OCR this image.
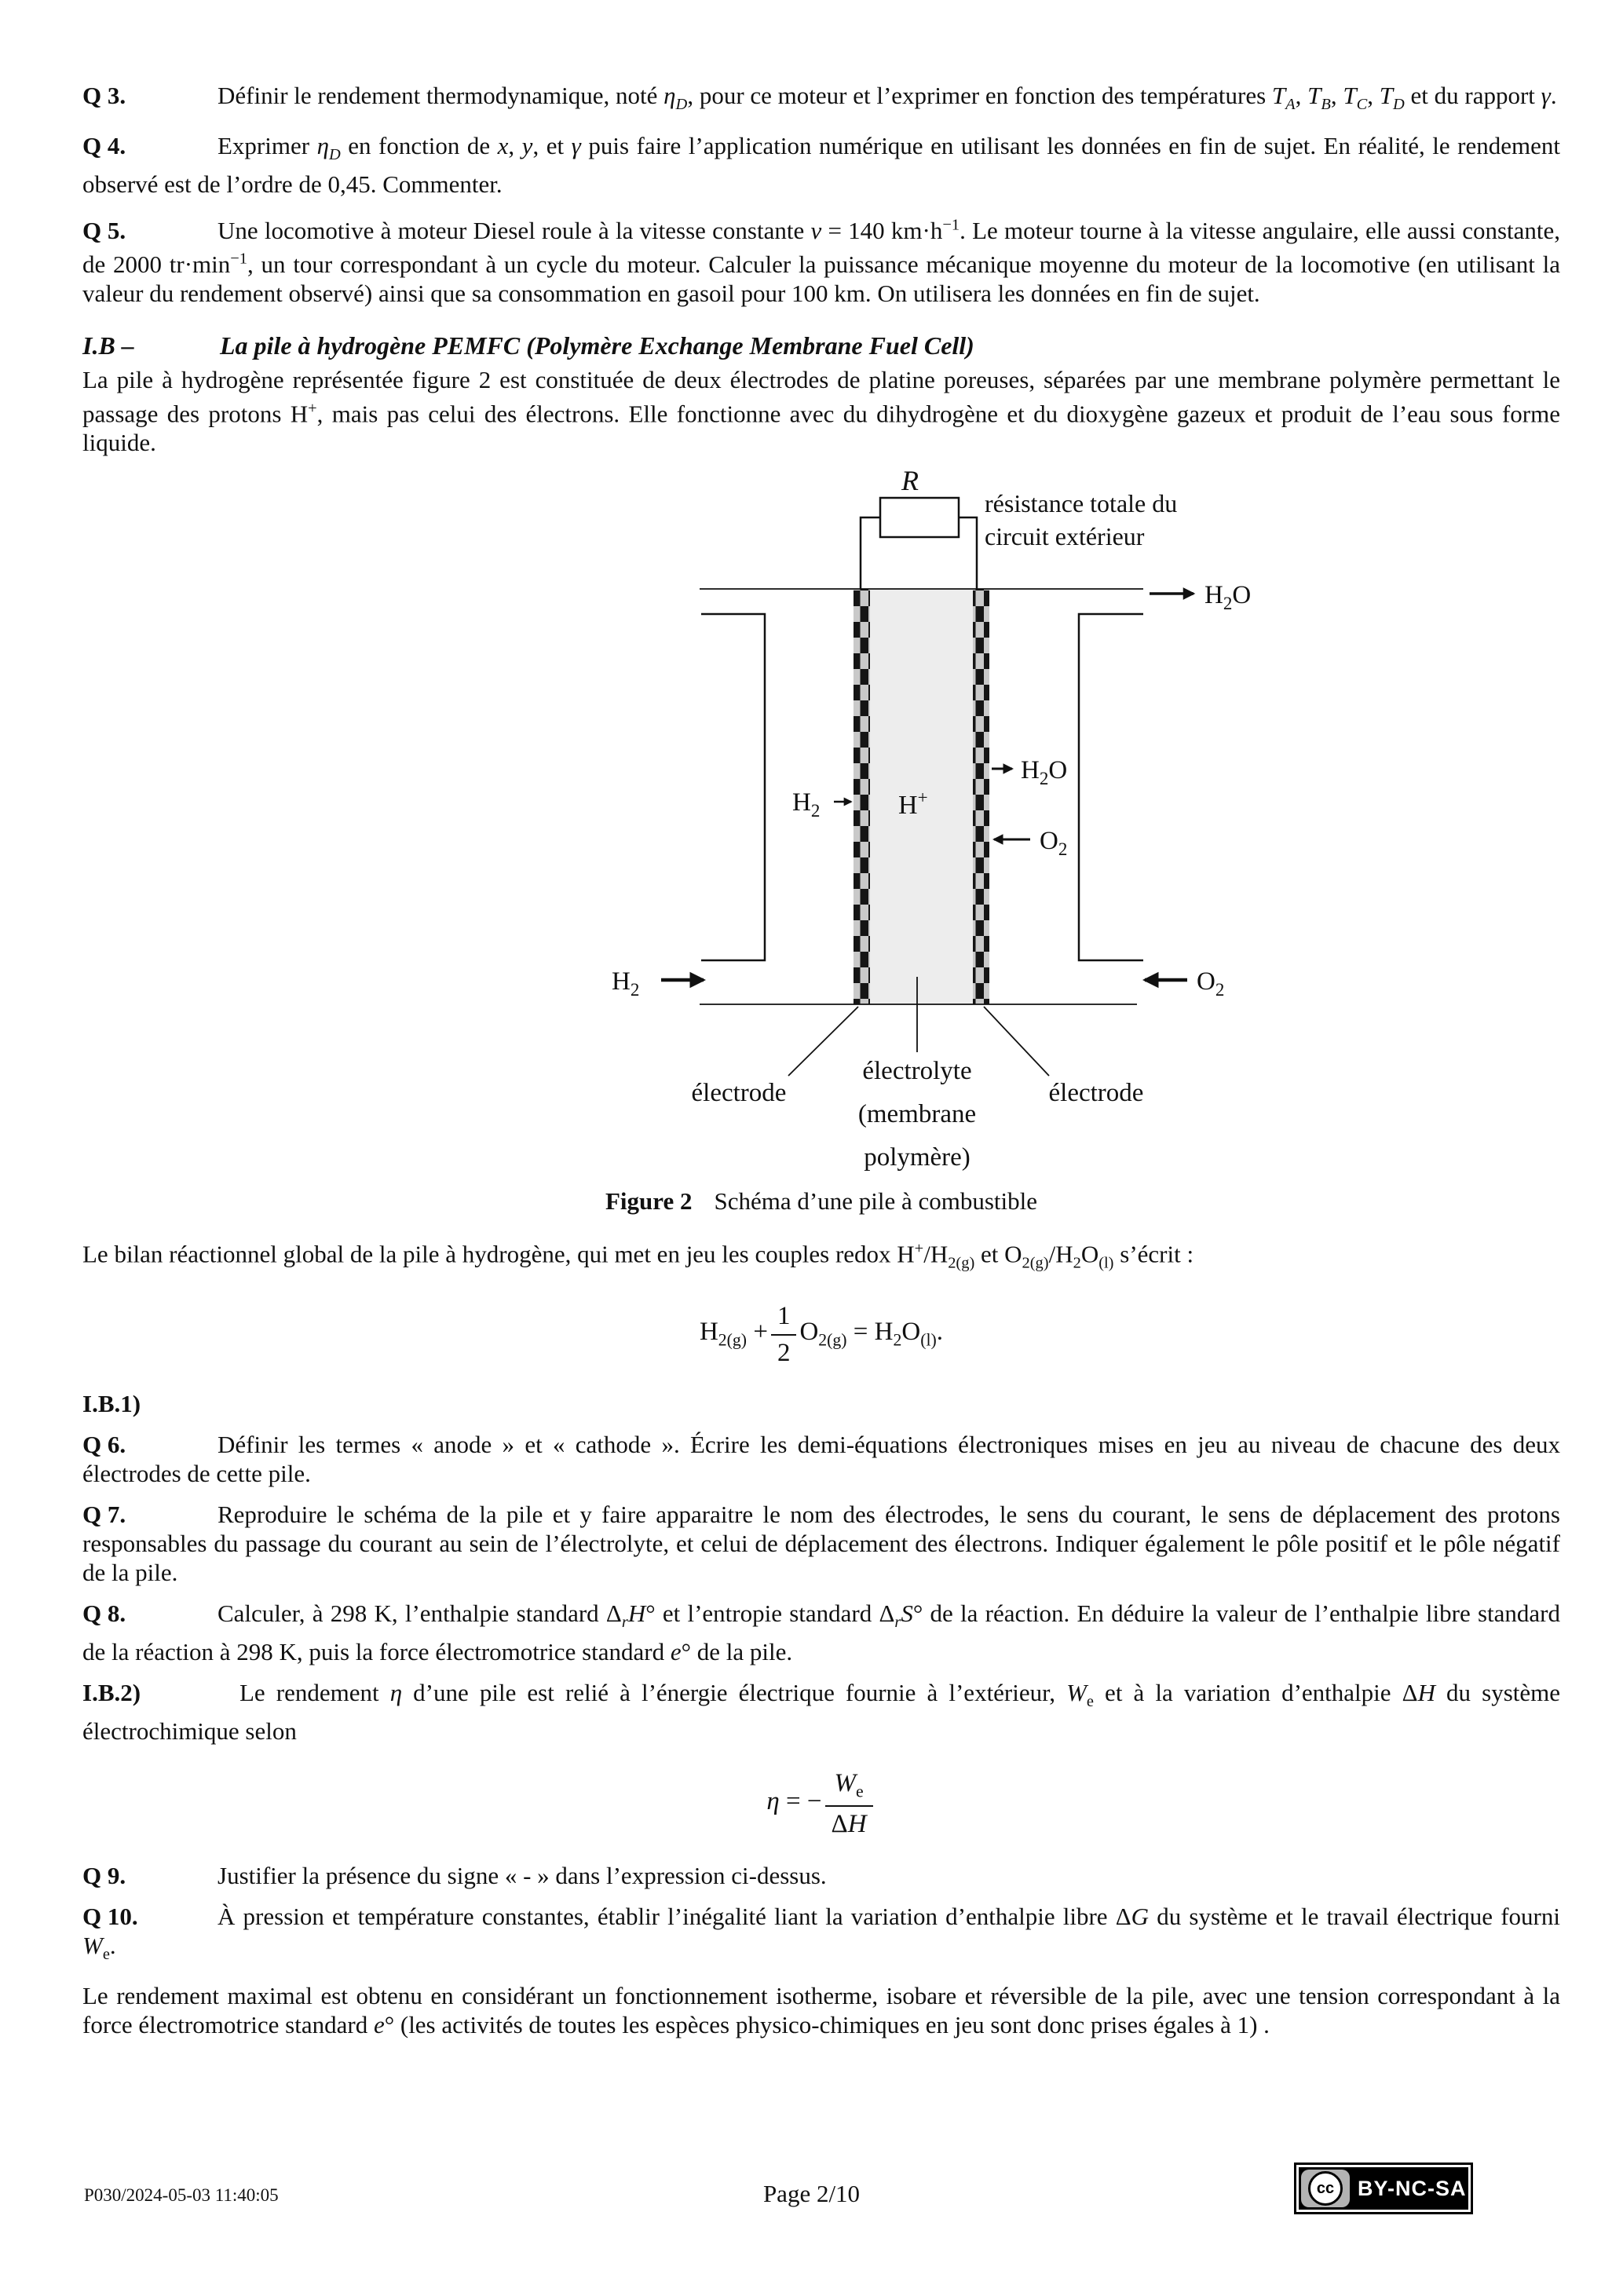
Q 3.	Définir le rendement thermodynamique, noté $\eta_D$, pour ce moteur et l’exprimer en fonction des températures $T_A$, $T_B$, $T_C$, $T_D$ et du rapport γ.

Q 4.	Exprimer $\eta_D$ en fonction de x, y, et γ puis faire l’application numérique en utilisant les données en fin de sujet. En réalité, le rendement observé est de l’ordre de 0,45. Commenter.

Q 5.	Une locomotive à moteur Diesel roule à la vitesse constante v = 140 $km\cdot h^{-1}$. Le moteur tourne à la vitesse angulaire, elle aussi constante, de 2000 $tr\cdot\min^{-1}$, un tour correspondant à un cycle du moteur. Calculer la puissance mécanique moyenne du moteur de la locomotive (en utilisant la valeur du rendement observé) ainsi que sa consommation en gasoil pour 100 km. On utilisera les données en fin de sujet.

I.B –	La pile à hydrogène PEMFC (Polymère Exchange Membrane Fuel Cell)

La pile à hydrogène représentée figure 2 est constituée de deux électrodes de platine poreuses, séparées par une membrane polymère permettant le passage des protons H+, mais pas celui des électrons. Elle fonctionne avec du dihydrogène et du dioxygène gazeux et produit de l’eau sous forme liquide.

R
résistance totale du
circuit extérieur
$H_2O$
$H_2$	H+
$H_2O$
$O_2$
$H_2$	$O_2$
électrode	électrode
électrolyte
(membrane
polymère)

Figure 2 Schéma d’une pile à combustible

Le bilan réactionnel global de la pile à hydrogène, qui met en jeu les couples redox $H^+/H_{2(g)}$ et $O_{2(g)}/H_2O_{(l)}$ s’écrit :

$H_{2(g)} + \frac{1}{2} O_{2(g)} = H_2O_{(l)}$.

I.B.1)

Q 6.	Définir les termes « anode » et « cathode ». Écrire les demi-équations électroniques mises en jeu au niveau de chacune des deux électrodes de cette pile.

Q 7.	Reproduire le schéma de la pile et y faire apparaitre le nom des électrodes, le sens du courant, le sens de déplacement des protons responsables du passage du courant au sein de l’électrolyte, et celui de déplacement des électrons. Indiquer également le pôle positif et le pôle négatif de la pile.

Q 8.	Calculer, à 298 K, l’enthalpie standard $\Delta_rH^\circ$ et l’entropie standard $\Delta_rS^\circ$ de la réaction. En déduire la valeur de l’enthalpie libre standard de la réaction à 298 K, puis la force électromotrice standard e° de la pile.

I.B.2)	Le rendement η d’une pile est relié à l’énergie électrique fournie à l’extérieur, $W_e$ et à la variation d’enthalpie ΔH du système électrochimique selon

η = − $\frac{W_e}{\Delta H}$

Q 9.	Justifier la présence du signe « - » dans l’expression ci-dessus.

Q 10.	À pression et température constantes, établir l’inégalité liant la variation d’enthalpie libre ΔG du système et le travail électrique fourni $W_e$.

Le rendement maximal est obtenu en considérant un fonctionnement isotherme, isobare et réversible de la pile, avec une tension correspondant à la force électromotrice standard e° (les activités de toutes les espèces physico-chimiques en jeu sont donc prises égales à 1) .

P030/2024-05-03 11:40:05	Page 2/10	cc	BY-NC-SA
